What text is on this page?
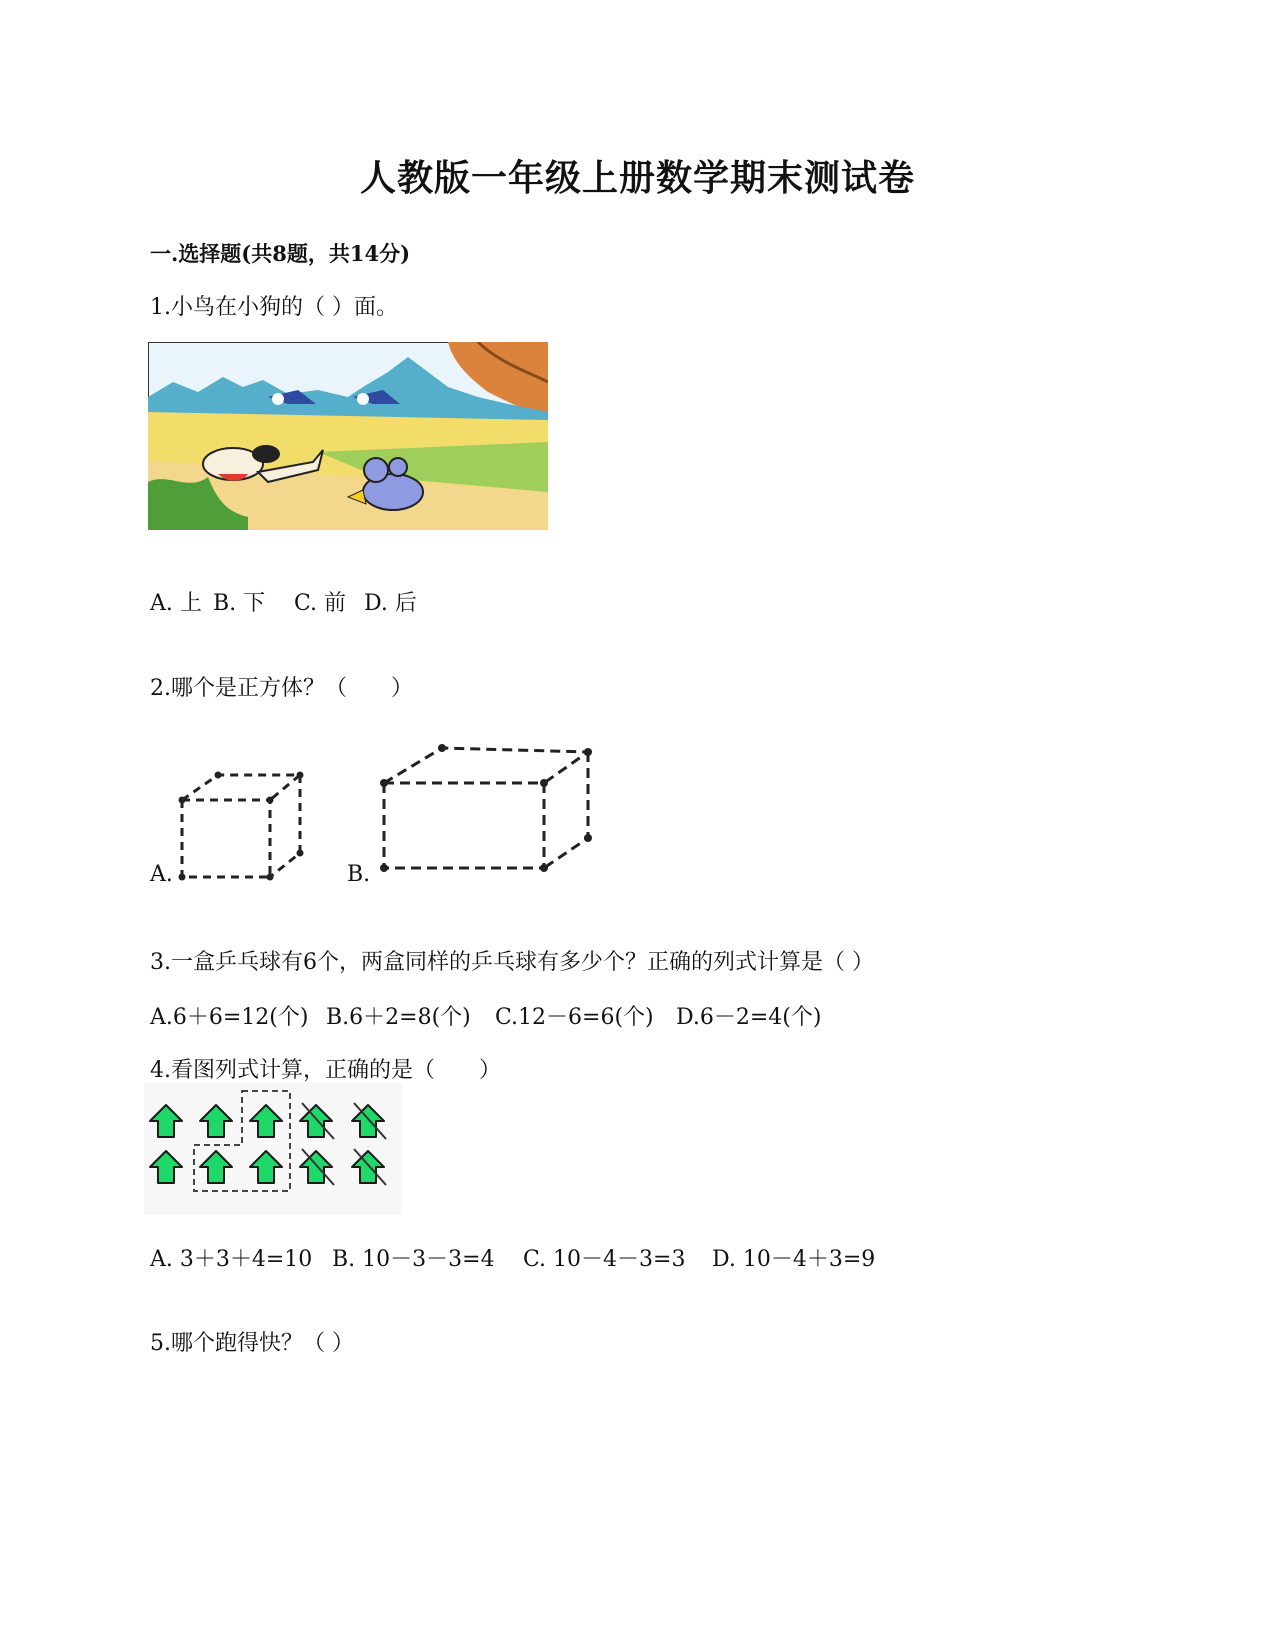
人教版一年级上册数学期末测试卷
一.选择题(共8题，共14分)
1.小鸟在小狗的（ ）面。
A. 上 B. 下 C. 前 D. 后
2.哪个是正方体？（　　）
A.	B.
3.一盒乒乓球有6个，两盒同样的乒乓球有多少个？正确的列式计算是（ ）
A.6＋6=12(个) B.6＋2=8(个) C.12－6=6(个) D.6－2=4(个)
4.看图列式计算，正确的是（　　）
A. 3＋3＋4=10 B. 10－3－3=4 C. 10－4－3=3 D. 10－4＋3=9
5.哪个跑得快？（ ）
